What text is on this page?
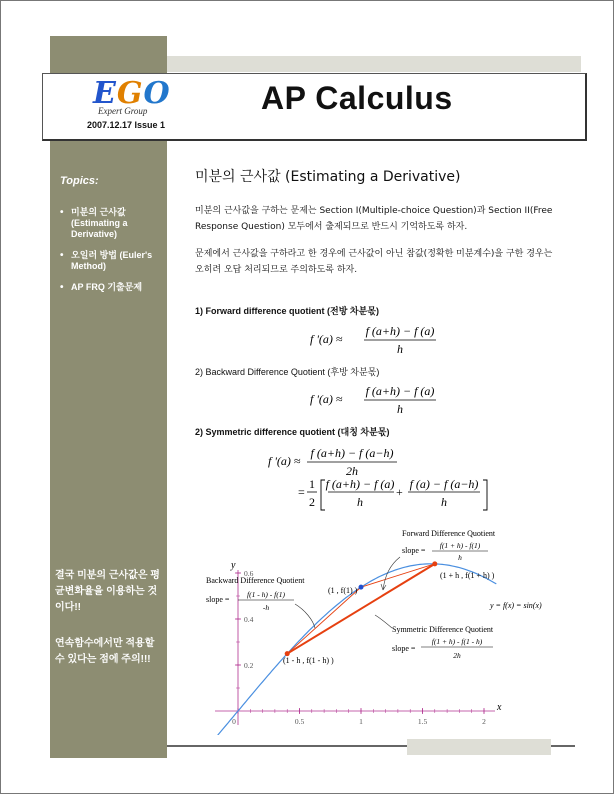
EGO
Expert Group
2007.12.17 Issue 1
AP Calculus
Topics:
• 미분의 근사값 (Estimating a Derivative)
• 오일러 방법 (Euler's Method)
• AP FRQ 기출문제
결국 미분의 근사값은 평균변화율을 이용하는 것이다!!
연속함수에서만 적용할 수 있다는 점에 주의!!!
미분의 근사값 (Estimating a Derivative)
미분의 근사값을 구하는 문제는 Section I(Multiple-choice Question)과 Section II(Free Response Question) 모두에서 출제되므로 반드시 기억하도록 하자.
문제에서 근사값을 구하라고 한 경우에 근사값이 아닌 참값(정확한 미분계수)을 구한 경우는 오히려 오답 처리되므로 주의하도록 하자.
1) Forward difference quotient (전방 차분몫)
f '(a) ≈
f (a+h) − f (a)
h
2) Backward Difference Quotient (후방 차분몫)
f '(a) ≈
f (a+h) − f (a)
h
2) Symmetric difference quotient (대칭 차분몫)
f '(a) ≈
f (a+h) − f (a−h)
2h
=
1
2
f (a+h) − f (a)
h
+
f (a) − f (a−h)
h
x
y
0	0.5	1	1.5	2
0.2
0.4
0.6
(1 - h , f(1 - h) )
(1 , f(1) )
(1 + h , f(1 + h) )
y = f(x) = sin(x)
Forward Difference Quotient
slope =
f(1 + h) - f(1)
h
Backward Difference Quotient
slope =
f(1 - h) - f(1)
-h
Symmetric Difference Quotient
slope =
f(1 + h) - f(1 - h)
2h
